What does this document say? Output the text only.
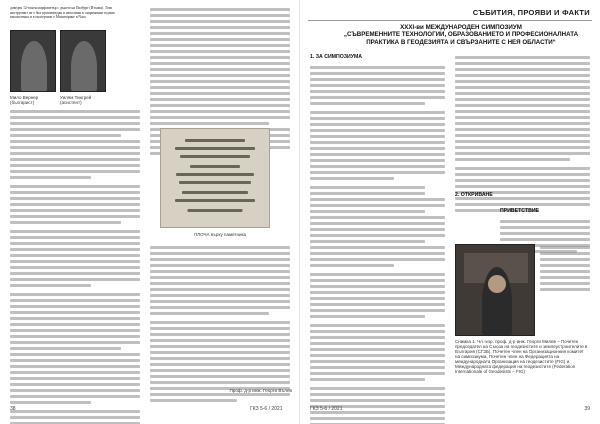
доведен 12-тонен морфометър с дъното на Пизбург (Италия). Този
инструмент не е бил произвеждан и използван в съвременни години
високоточно и в експертизи е Мониторинг в Nasa
Мило Вернер (българист)
Уилям Тингрей (асистент)
ПЛОЧА върху паметника
Проф. д-р инж. Георги Вълев
38	ГКЗ 5-6 / 2021
СЪБИТИЯ, ПРОЯВИ И ФАКТИ
XXXI-ви МЕЖДУНАРОДЕН СИМПОЗИУМ
„СЪВРЕМЕННИТЕ ТЕХНОЛОГИИ, ОБРАЗОВАНИЕТО И ПРОФЕСИОНАЛНАТА
ПРАКТИКА В ГЕОДЕЗИЯТА И СВЪРЗАНИТЕ С НЕЯ ОБЛАСТИ“
1. ЗА СИМПОЗИУМА
2. ОТКРИВАНЕ
ПРИВЕТСТВИЕ
Снимка 1. Чл.-кор. проф. д-р инж. Георги Милев – Почетен председател на Съюза на геодезистите и землеустроителите в България (СГЗБ), Почетен член на Организационния комитет на симпозиума, Почетен член на Федерацията на международната Организация на геодезистите (FIG) и Международната федерация на геодезистите (Federation Internationale of Geodesists – FIG)
ГКЗ 5-6 / 2021	39
